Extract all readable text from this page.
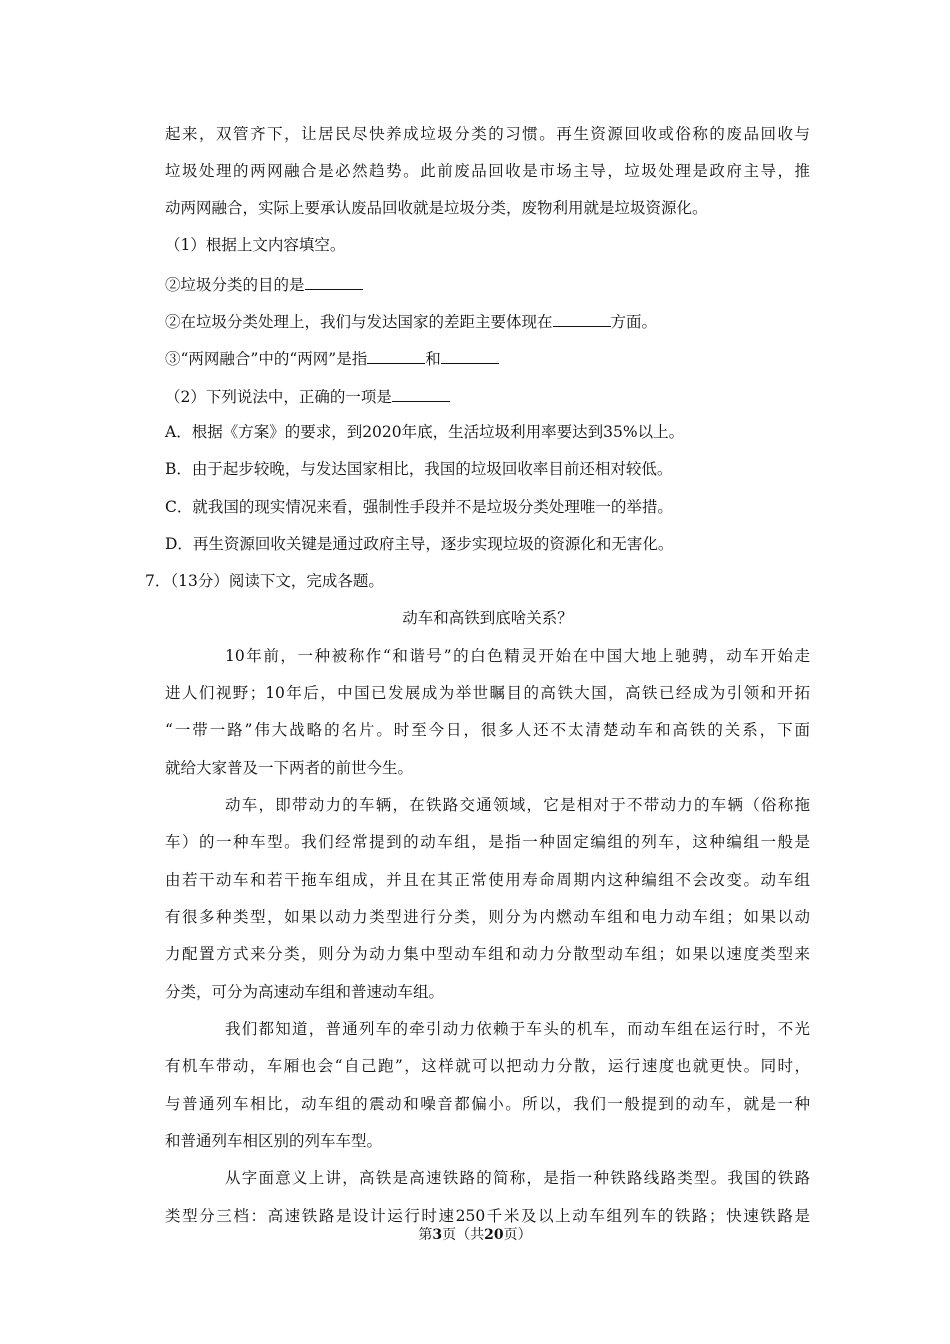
起来，双管齐下，让居民尽快养成垃圾分类的习惯。再生资源回收或俗称的废品回收与
垃圾处理的两网融合是必然趋势。此前废品回收是市场主导，垃圾处理是政府主导，推
动两网融合，实际上要承认废品回收就是垃圾分类，废物利用就是垃圾资源化。
（1）根据上文内容填空。
②垃圾分类的目的是
②在垃圾分类处理上，我们与发达国家的差距主要体现在	方面。
③“两网融合”中的“两网”是指	和
（2）下列说法中，正确的一项是
A．根据《方案》的要求，到2020年底，生活垃圾利用率要达到35%以上。
B．由于起步较晚，与发达国家相比，我国的垃圾回收率目前还相对较低。
C．就我国的现实情况来看，强制性手段并不是垃圾分类处理唯一的举措。
D．再生资源回收关键是通过政府主导，逐步实现垃圾的资源化和无害化。
7．（13分）阅读下文，完成各题。
动车和高铁到底啥关系？
10年前，一种被称作“和谐号”的白色精灵开始在中国大地上驰骋，动车开始走
进人们视野；10年后，中国已发展成为举世瞩目的高铁大国，高铁已经成为引领和开拓
“一带一路”伟大战略的名片。时至今日，很多人还不太清楚动车和高铁的关系，下面
就给大家普及一下两者的前世今生。
动车，即带动力的车辆，在铁路交通领域，它是相对于不带动力的车辆（俗称拖
车）的一种车型。我们经常提到的动车组，是指一种固定编组的列车，这种编组一般是
由若干动车和若干拖车组成，并且在其正常使用寿命周期内这种编组不会改变。动车组
有很多种类型，如果以动力类型进行分类，则分为内燃动车组和电力动车组；如果以动
力配置方式来分类，则分为动力集中型动车组和动力分散型动车组；如果以速度类型来
分类，可分为高速动车组和普速动车组。
我们都知道，普通列车的牵引动力依赖于车头的机车，而动车组在运行时，不光
有机车带动，车厢也会“自己跑”，这样就可以把动力分散，运行速度也就更快。同时，
与普通列车相比，动车组的震动和噪音都偏小。所以，我们一般提到的动车，就是一种
和普通列车相区别的列车车型。
从字面意义上讲，高铁是高速铁路的简称，是指一种铁路线路类型。我国的铁路
类型分三档：高速铁路是设计运行时速250千米及以上动车组列车的铁路；快速铁路是
第3页（共20页）
